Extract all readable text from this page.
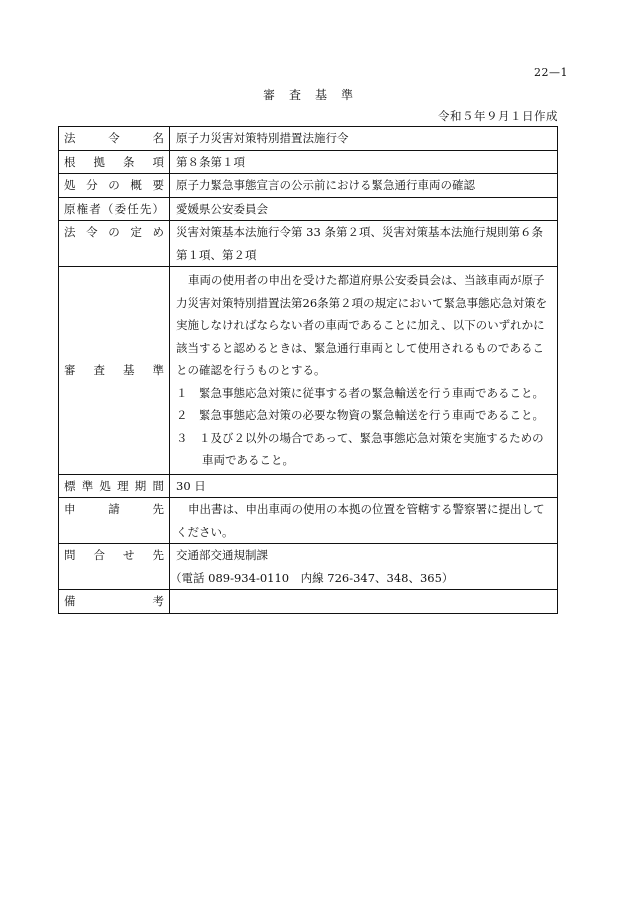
22—1
審査基準
令和５年９月１日作成
法令名	原子力災害対策特別措置法施行令

根拠条項	第８条第１項

処分の概要	原子力緊急事態宣言の公示前における緊急通行車両の確認

原権者（委任先）	愛媛県公安委員会

法令の定め	災害対策基本法施行令第 33 条第２項、災害対策基本法施行規則第６条第１項、第２項

審査基準	車両の使用者の申出を受けた都道府県公安委員会は、当該車両が原子力災害対策特別措置法第26条第２項の規定において緊急事態応急対策を実施しなければならない者の車両であることに加え、以下のいずれかに該当すると認めるときは、緊急通行車両として使用されるものであることの確認を行うものとする。
１　緊急事態応急対策に従事する者の緊急輸送を行う車両であること。
２　緊急事態応急対策の必要な物資の緊急輸送を行う車両であること。
３　１及び２以外の場合であって、緊急事態応急対策を実施するための車両であること。

標準処理期間	30 日

申請先	申出書は、申出車両の使用の本拠の位置を管轄する警察署に提出してください。

問合せ先	交通部交通規制課
（電話 089-934-0110　内線 726-347、348、365）

備考	
